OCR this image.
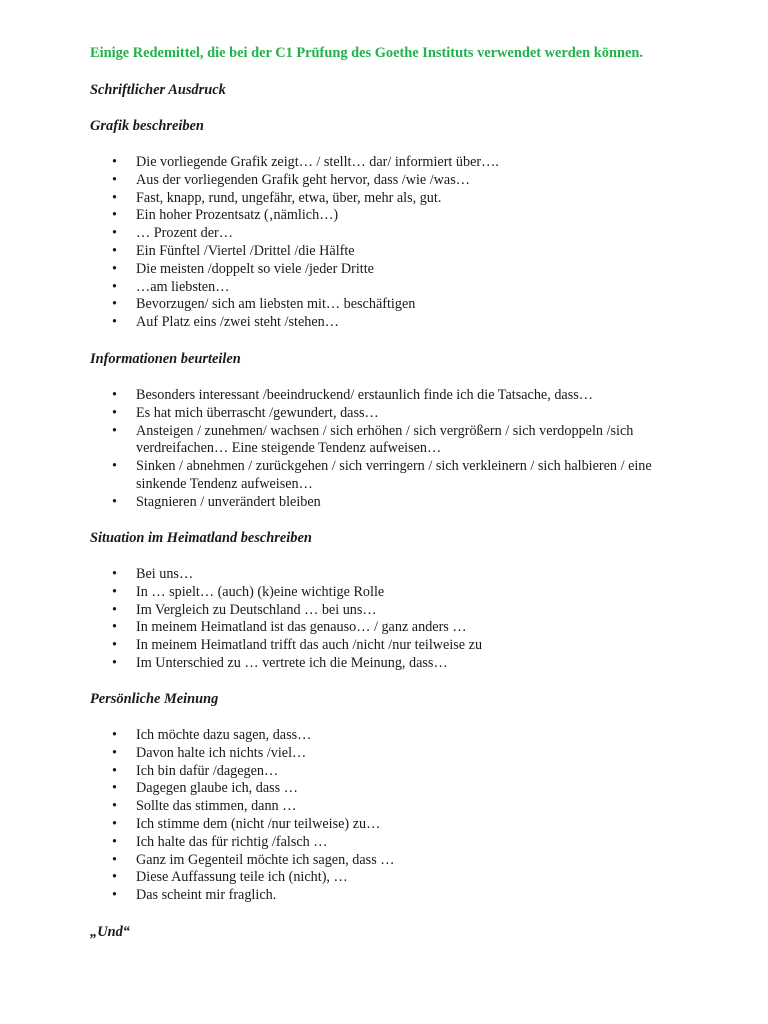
Einige Redemittel, die bei der C1 Prüfung des Goethe Instituts verwendet werden können.
Schriftlicher Ausdruck
Grafik beschreiben
• Die vorliegende Grafik zeigt… / stellt… dar/ informiert über….
• Aus der vorliegenden Grafik geht hervor, dass /wie /was…
• Fast, knapp, rund, ungefähr, etwa, über, mehr als, gut.
• Ein hoher Prozentsatz (‚nämlich…)
• … Prozent der…
• Ein Fünftel /Viertel /Drittel /die Hälfte
• Die meisten /doppelt so viele /jeder Dritte
• …am liebsten…
• Bevorzugen/ sich am liebsten mit… beschäftigen
• Auf Platz eins /zwei steht /stehen…
Informationen beurteilen
• Besonders interessant /beeindruckend/ erstaunlich finde ich die Tatsache, dass…
• Es hat mich überrascht /gewundert, dass…
• Ansteigen / zunehmen/ wachsen / sich erhöhen / sich vergrößern / sich verdoppeln /sich verdreifachen… Eine steigende Tendenz aufweisen…
• Sinken / abnehmen / zurückgehen / sich verringern / sich verkleinern / sich halbieren / eine sinkende Tendenz aufweisen…
• Stagnieren / unverändert bleiben
Situation im Heimatland beschreiben
• Bei uns…
• In … spielt… (auch) (k)eine wichtige Rolle
• Im Vergleich zu Deutschland … bei uns…
• In meinem Heimatland ist das genauso… / ganz anders …
• In meinem Heimatland trifft das auch /nicht /nur teilweise zu
• Im Unterschied zu … vertrete ich die Meinung, dass…
Persönliche Meinung
• Ich möchte dazu sagen, dass…
• Davon halte ich nichts /viel…
• Ich bin dafür /dagegen…
• Dagegen glaube ich, dass …
• Sollte das stimmen, dann …
• Ich stimme dem (nicht /nur teilweise) zu…
• Ich halte das für richtig /falsch …
• Ganz im Gegenteil möchte ich sagen, dass …
• Diese Auffassung teile ich (nicht), …
• Das scheint mir fraglich.
„Und“
